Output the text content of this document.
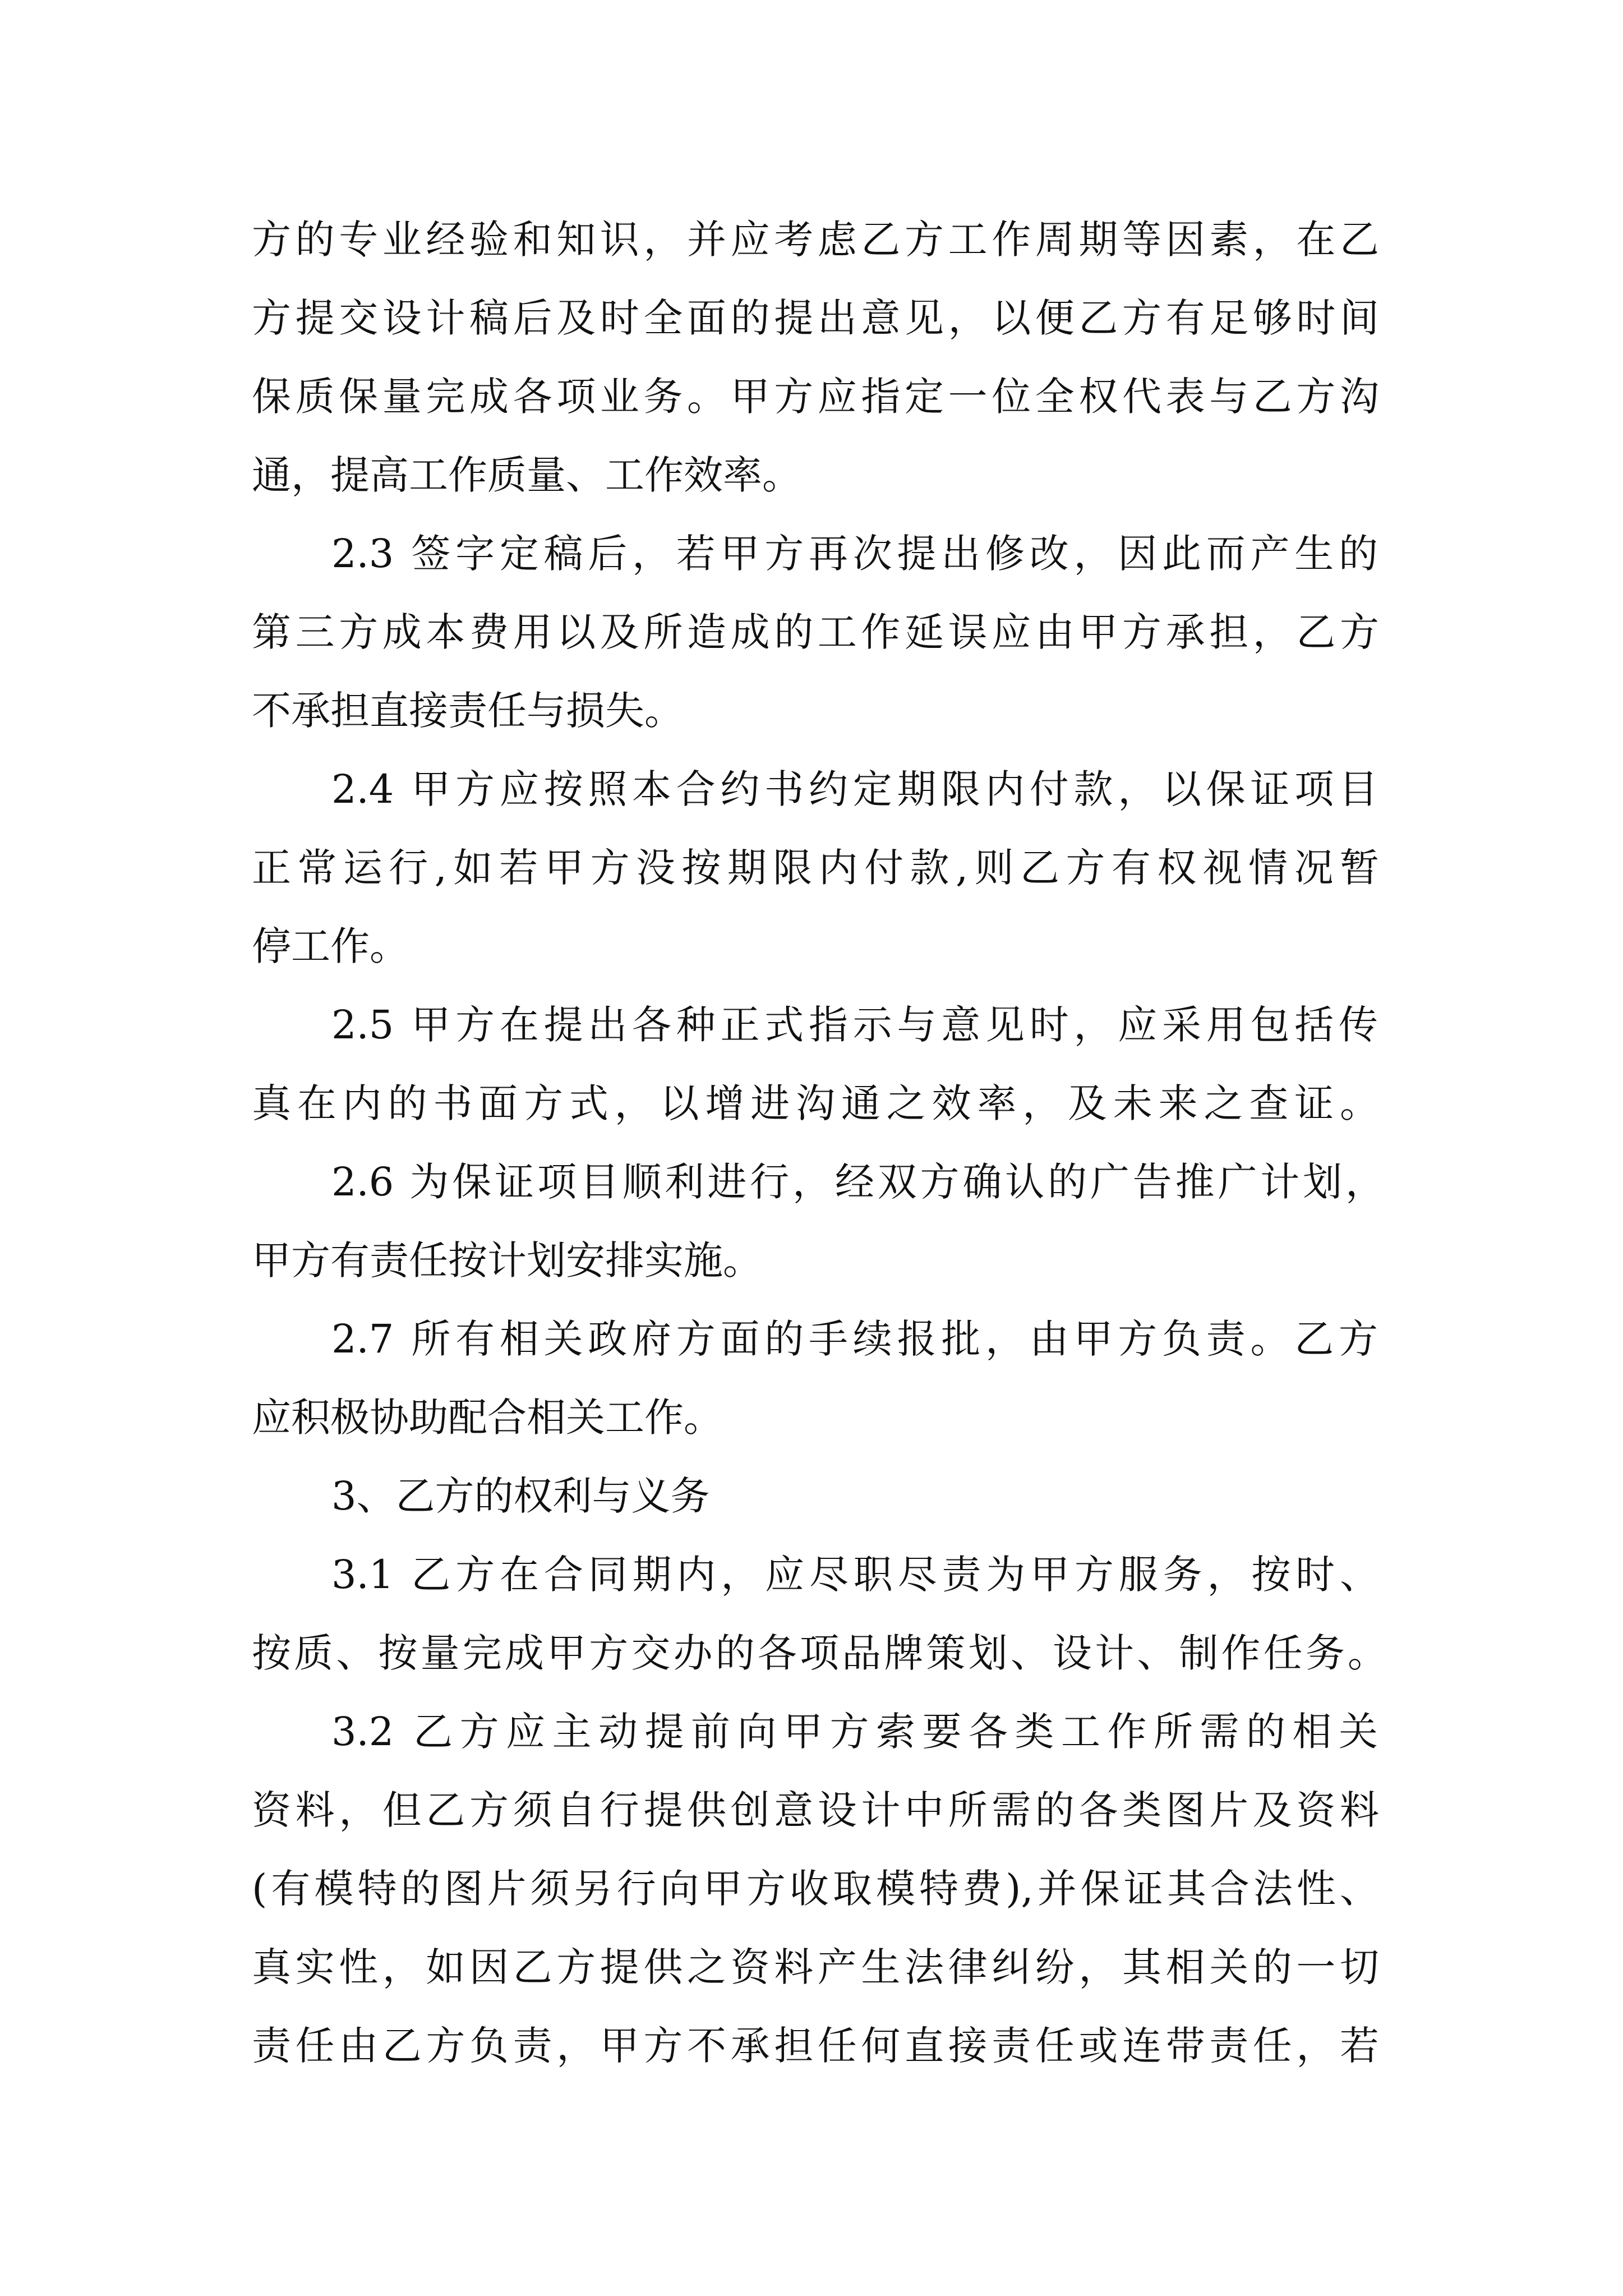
方的专业经验和知识，并应考虑乙方工作周期等因素，在乙
方提交设计稿后及时全面的提出意见，以便乙方有足够时间
保质保量完成各项业务。甲方应指定一位全权代表与乙方沟
通，提高工作质量、工作效率。
2.3 签字定稿后，若甲方再次提出修改，因此而产生的
第三方成本费用以及所造成的工作延误应由甲方承担，乙方
不承担直接责任与损失。
2.4 甲方应按照本合约书约定期限内付款，以保证项目
正常运行,如若甲方没按期限内付款,则乙方有权视情况暂
停工作。
2.5 甲方在提出各种正式指示与意见时，应采用包括传
真在内的书面方式，以增进沟通之效率，及未来之查证。
2.6 为保证项目顺利进行，经双方确认的广告推广计划，
甲方有责任按计划安排实施。
2.7 所有相关政府方面的手续报批，由甲方负责。乙方
应积极协助配合相关工作。
3、乙方的权利与义务
3.1 乙方在合同期内，应尽职尽责为甲方服务，按时、
按质、按量完成甲方交办的各项品牌策划、设计、制作任务。
3.2 乙方应主动提前向甲方索要各类工作所需的相关
资料，但乙方须自行提供创意设计中所需的各类图片及资料
(有模特的图片须另行向甲方收取模特费),并保证其合法性、
真实性，如因乙方提供之资料产生法律纠纷，其相关的一切
责任由乙方负责，甲方不承担任何直接责任或连带责任，若
